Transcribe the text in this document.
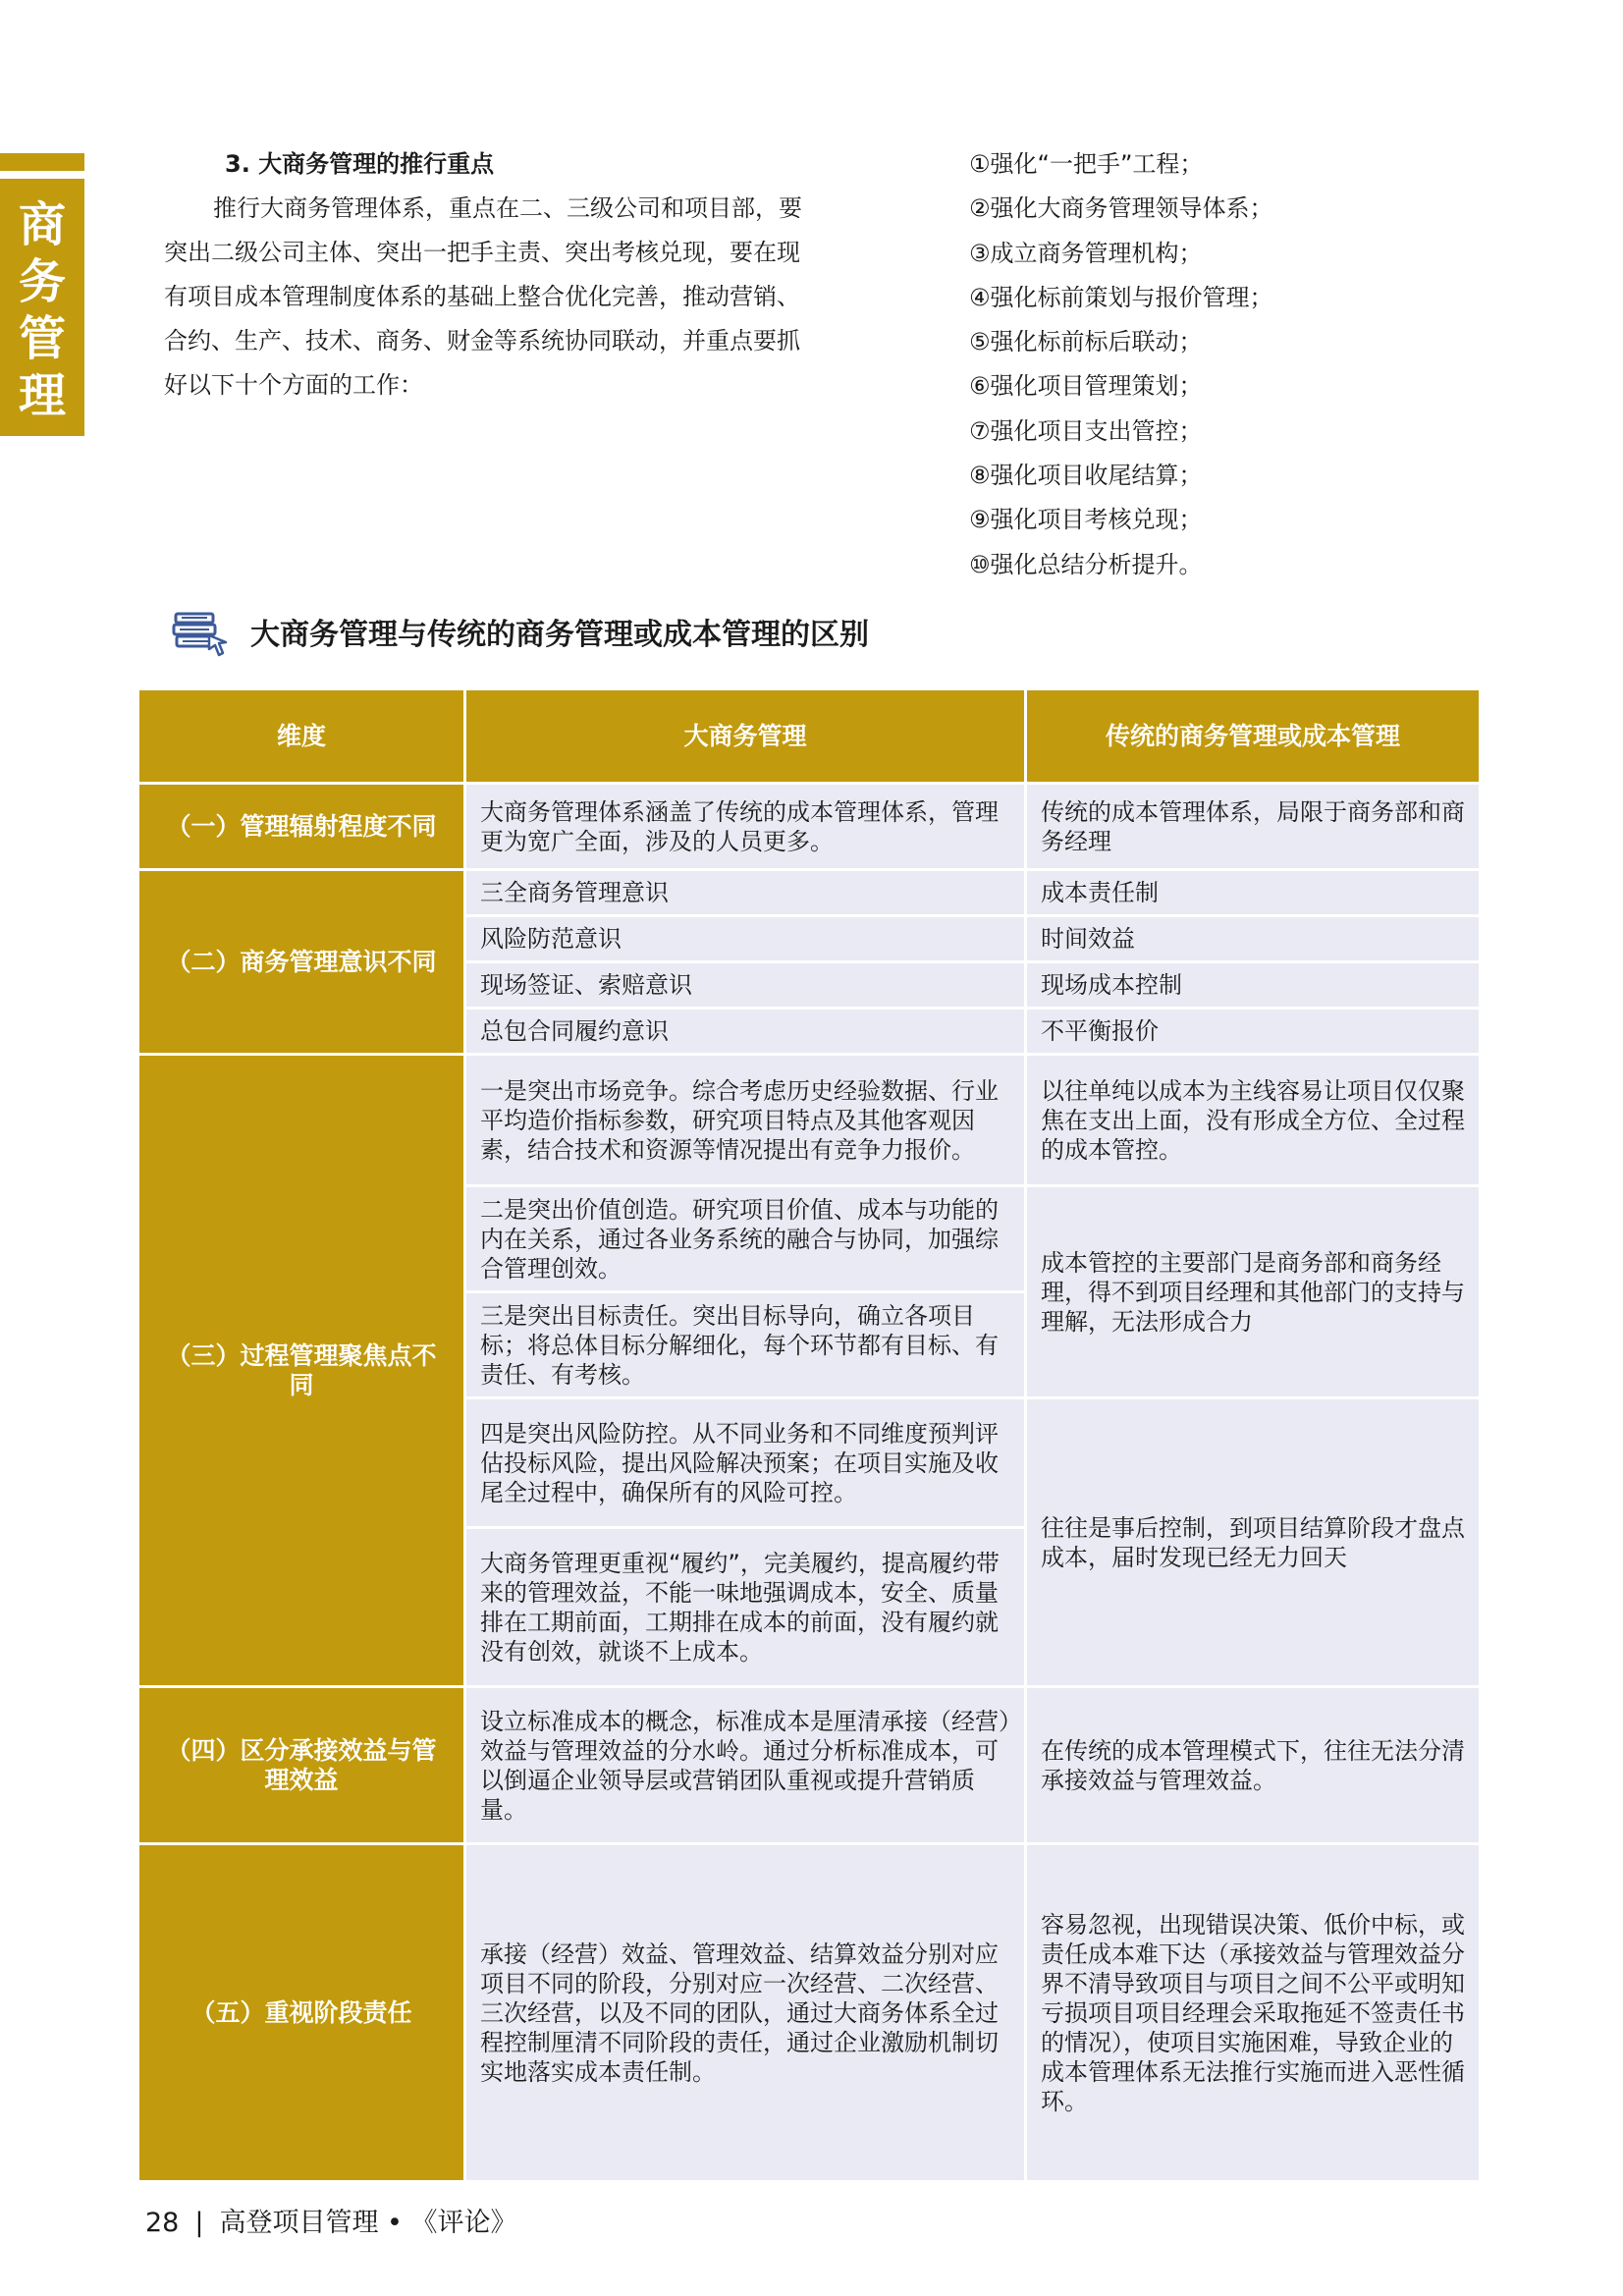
商
务
管
理

3. 大商务管理的推行重点

推行大商务管理体系，重点在二、三级公司和项目部，要突出二级公司主体、突出一把手主责、突出考核兑现，要在现有项目成本管理制度体系的基础上整合优化完善，推动营销、合约、生产、技术、商务、财金等系统协同联动，并重点要抓好以下十个方面的工作：

①强化“一把手”工程；
②强化大商务管理领导体系；
③成立商务管理机构；
④强化标前策划与报价管理；
⑤强化标前标后联动；
⑥强化项目管理策划；
⑦强化项目支出管控；
⑧强化项目收尾结算；
⑨强化项目考核兑现；
⑩强化总结分析提升。
大商务管理与传统的商务管理或成本管理的区别
维度	大商务管理	传统的商务管理或成本管理
（一）管理辐射程度不同	大商务管理体系涵盖了传统的成本管理体系，管理更为宽广全面，涉及的人员更多。	传统的成本管理体系，局限于商务部和商务经理
（二）商务管理意识不同	三全商务管理意识	成本责任制
	风险防范意识	时间效益
	现场签证、索赔意识	现场成本控制
	总包合同履约意识	不平衡报价
（三）过程管理聚焦点不同	一是突出市场竞争。综合考虑历史经验数据、行业平均造价指标参数，研究项目特点及其他客观因素，结合技术和资源等情况提出有竞争力报价。	以往单纯以成本为主线容易让项目仅仅聚焦在支出上面，没有形成全方位、全过程的成本管控。
	二是突出价值创造。研究项目价值、成本与功能的内在关系，通过各业务系统的融合与协同，加强综合管理创效。	成本管控的主要部门是商务部和商务经理，得不到项目经理和其他部门的支持与理解，无法形成合力
	三是突出目标责任。突出目标导向，确立各项目标；将总体目标分解细化，每个环节都有目标、有责任、有考核。	
	四是突出风险防控。从不同业务和不同维度预判评估投标风险，提出风险解决预案；在项目实施及收尾全过程中，确保所有的风险可控。	往往是事后控制，到项目结算阶段才盘点成本，届时发现已经无力回天
	大商务管理更重视“履约”，完美履约，提高履约带来的管理效益，不能一味地强调成本，安全、质量排在工期前面，工期排在成本的前面，没有履约就没有创效，就谈不上成本。	
（四）区分承接效益与管理效益	设立标准成本的概念，标准成本是厘清承接（经营）效益与管理效益的分水岭。通过分析标准成本，可以倒逼企业领导层或营销团队重视或提升营销质量。	在传统的成本管理模式下，往往无法分清承接效益与管理效益。
（五）重视阶段责任	承接（经营）效益、管理效益、结算效益分别对应项目不同的阶段，分别对应一次经营、二次经营、三次经营，以及不同的团队，通过大商务体系全过程控制厘清不同阶段的责任，通过企业激励机制切实地落实成本责任制。	容易忽视，出现错误决策、低价中标，或责任成本难下达（承接效益与管理效益分界不清导致项目与项目之间不公平或明知亏损项目项目经理会采取拖延不签责任书的情况），使项目实施困难，导致企业的成本管理体系无法推行实施而进入恶性循环。
28 | 高登项目管理 • 《评论》
